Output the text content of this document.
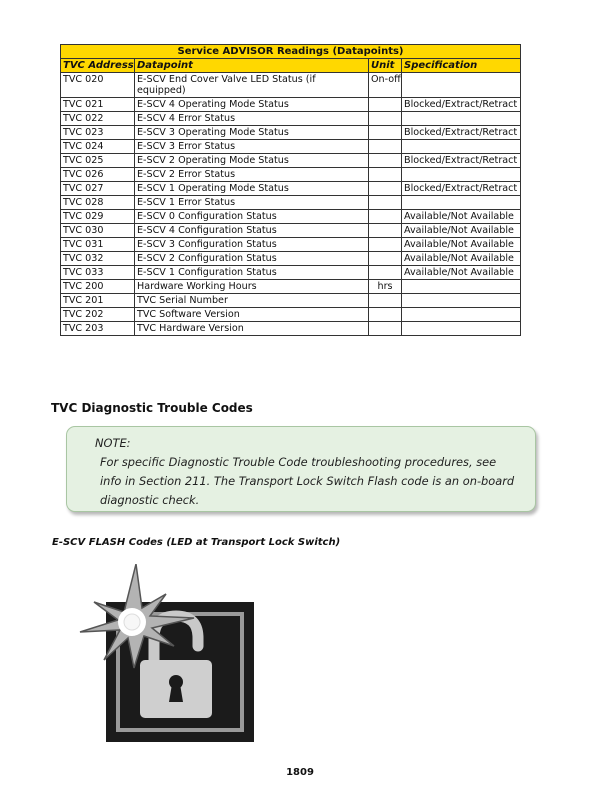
Service ADVISOR Readings (Datapoints)			
TVC Address	Datapoint	Unit	Specification
TVC 020	E-SCV End Cover Valve LED Status (if equipped)	On-off	
TVC 021	E-SCV 4 Operating Mode Status		Blocked/Extract/Retract
TVC 022	E-SCV 4 Error Status		
TVC 023	E-SCV 3 Operating Mode Status		Blocked/Extract/Retract
TVC 024	E-SCV 3 Error Status		
TVC 025	E-SCV 2 Operating Mode Status		Blocked/Extract/Retract
TVC 026	E-SCV 2 Error Status		
TVC 027	E-SCV 1 Operating Mode Status		Blocked/Extract/Retract
TVC 028	E-SCV 1 Error Status		
TVC 029	E-SCV 0 Configuration Status		Available/Not Available
TVC 030	E-SCV 4 Configuration Status		Available/Not Available
TVC 031	E-SCV 3 Configuration Status		Available/Not Available
TVC 032	E-SCV 2 Configuration Status		Available/Not Available
TVC 033	E-SCV 1 Configuration Status		Available/Not Available
TVC 200	Hardware Working Hours	hrs	
TVC 201	TVC Serial Number		
TVC 202	TVC Software Version		
TVC 203	TVC Hardware Version		
TVC Diagnostic Trouble Codes
NOTE:
For specific Diagnostic Trouble Code troubleshooting procedures, see info in Section 211. The Transport Lock Switch Flash code is an on-board diagnostic check.
E-SCV FLASH Codes (LED at Transport Lock Switch)
1809
